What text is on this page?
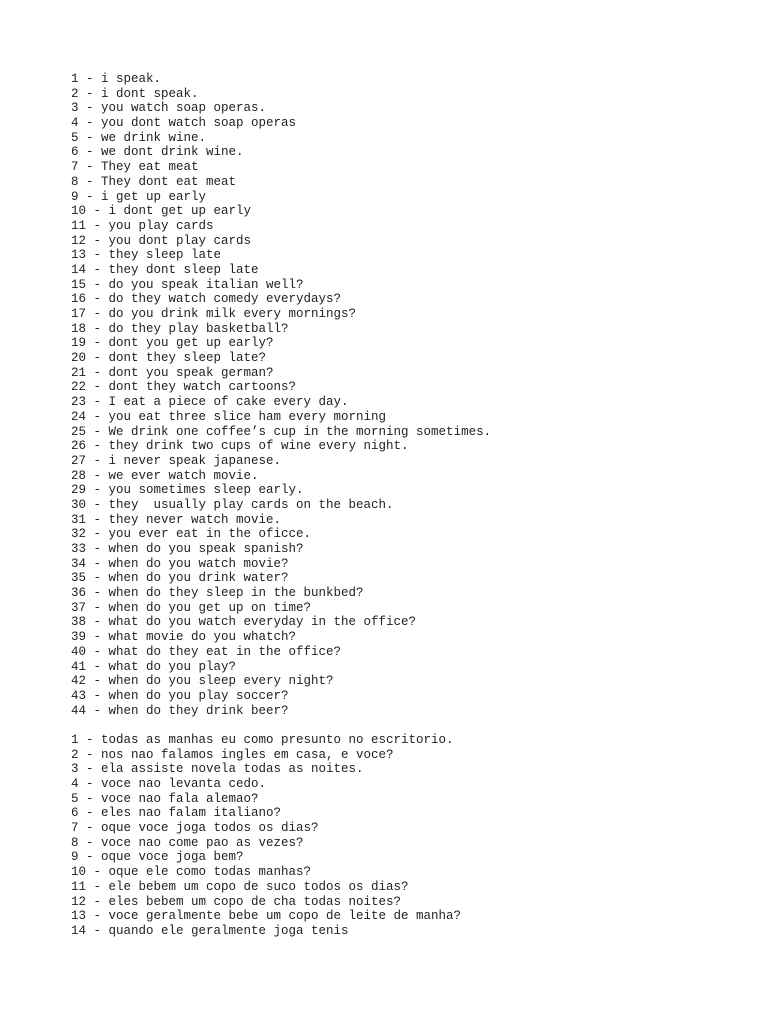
1 - i speak.
2 - i dont speak.
3 - you watch soap operas.
4 - you dont watch soap operas
5 - we drink wine.
6 - we dont drink wine.
7 - They eat meat
8 - They dont eat meat
9 - i get up early
10 - i dont get up early
11 - you play cards
12 - you dont play cards
13 - they sleep late
14 - they dont sleep late
15 - do you speak italian well?
16 - do they watch comedy everydays?
17 - do you drink milk every mornings?
18 - do they play basketball?
19 - dont you get up early?
20 - dont they sleep late?
21 - dont you speak german?
22 - dont they watch cartoons?
23 - I eat a piece of cake every day.
24 - you eat three slice ham every morning
25 - We drink one coffee’s cup in the morning sometimes.
26 - they drink two cups of wine every night.
27 - i never speak japanese.
28 - we ever watch movie.
29 - you sometimes sleep early.
30 - they  usually play cards on the beach.
31 - they never watch movie.
32 - you ever eat in the oficce.
33 - when do you speak spanish?
34 - when do you watch movie?
35 - when do you drink water?
36 - when do they sleep in the bunkbed?
37 - when do you get up on time?
38 - what do you watch everyday in the office?
39 - what movie do you whatch?
40 - what do they eat in the office?
41 - what do you play?
42 - when do you sleep every night?
43 - when do you play soccer?
44 - when do they drink beer?
1 - todas as manhas eu como presunto no escritorio.
2 - nos nao falamos ingles em casa, e voce?
3 - ela assiste novela todas as noites.
4 - voce nao levanta cedo.
5 - voce nao fala alemao?
6 - eles nao falam italiano?
7 - oque voce joga todos os dias?
8 - voce nao come pao as vezes?
9 - oque voce joga bem?
10 - oque ele como todas manhas?
11 - ele bebem um copo de suco todos os dias?
12 - eles bebem um copo de cha todas noites?
13 - voce geralmente bebe um copo de leite de manha?
14 - quando ele geralmente joga tenis
